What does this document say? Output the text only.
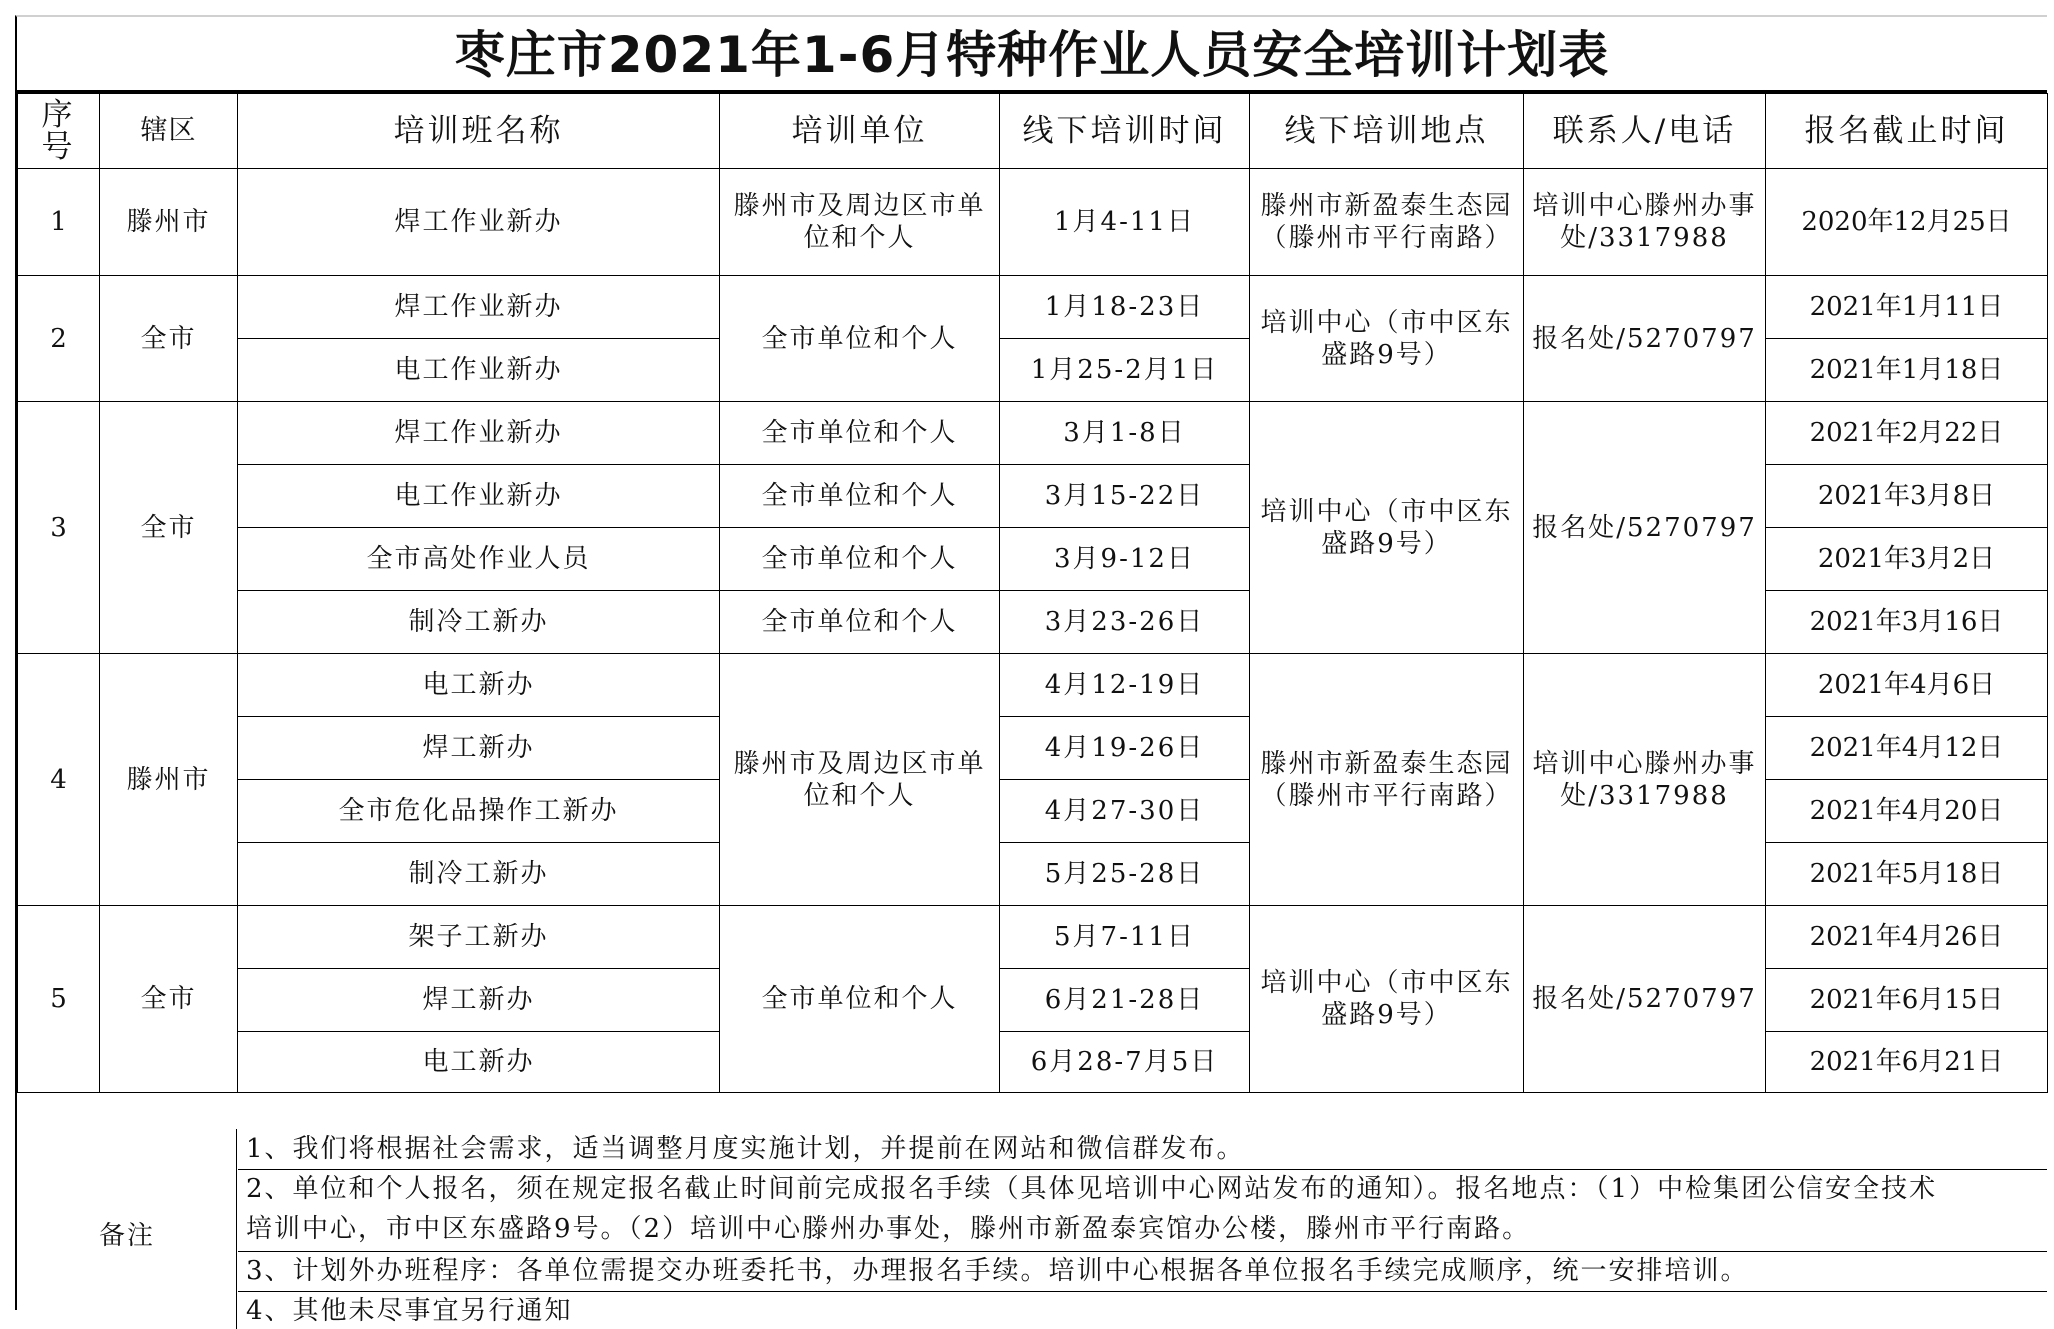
枣庄市2021年1-6月特种作业人员安全培训计划表
序号	辖区	培训班名称	培训单位	线下培训时间	线下培训地点	联系人/电话	报名截止时间
1	滕州市	焊工作业新办	滕州市及周边区市单位和个人	1月4-11日	滕州市新盈泰生态园（滕州市平行南路）	培训中心滕州办事处/3317988	2020年12月25日
2	全市	焊工作业新办	全市单位和个人	1月18-23日	培训中心（市中区东盛路9号）	报名处/5270797	2021年1月11日
		电工作业新办		1月25-2月1日			2021年1月18日
3	全市	焊工作业新办	全市单位和个人	3月1-8日	培训中心（市中区东盛路9号）	报名处/5270797	2021年2月22日
		电工作业新办	全市单位和个人	3月15-22日			2021年3月8日
		全市高处作业人员	全市单位和个人	3月9-12日			2021年3月2日
		制冷工新办	全市单位和个人	3月23-26日			2021年3月16日
4	滕州市	电工新办	滕州市及周边区市单位和个人	4月12-19日	滕州市新盈泰生态园（滕州市平行南路）	培训中心滕州办事处/3317988	2021年4月6日
		焊工新办		4月19-26日			2021年4月12日
		全市危化品操作工新办		4月27-30日			2021年4月20日
		制冷工新办		5月25-28日			2021年5月18日
5	全市	架子工新办	全市单位和个人	5月7-11日	培训中心（市中区东盛路9号）	报名处/5270797	2021年4月26日
		焊工新办		6月21-28日			2021年6月15日
		电工新办		6月28-7月5日			2021年6月21日
备注
1、我们将根据社会需求，适当调整月度实施计划，并提前在网站和微信群发布。
2、单位和个人报名，须在规定报名截止时间前完成报名手续（具体见培训中心网站发布的通知）。报名地点：（1）中检集团公信安全技术
培训中心，市中区东盛路9号。（2）培训中心滕州办事处，滕州市新盈泰宾馆办公楼，滕州市平行南路。
3、计划外办班程序：各单位需提交办班委托书，办理报名手续。培训中心根据各单位报名手续完成顺序，统一安排培训。
4、其他未尽事宜另行通知
